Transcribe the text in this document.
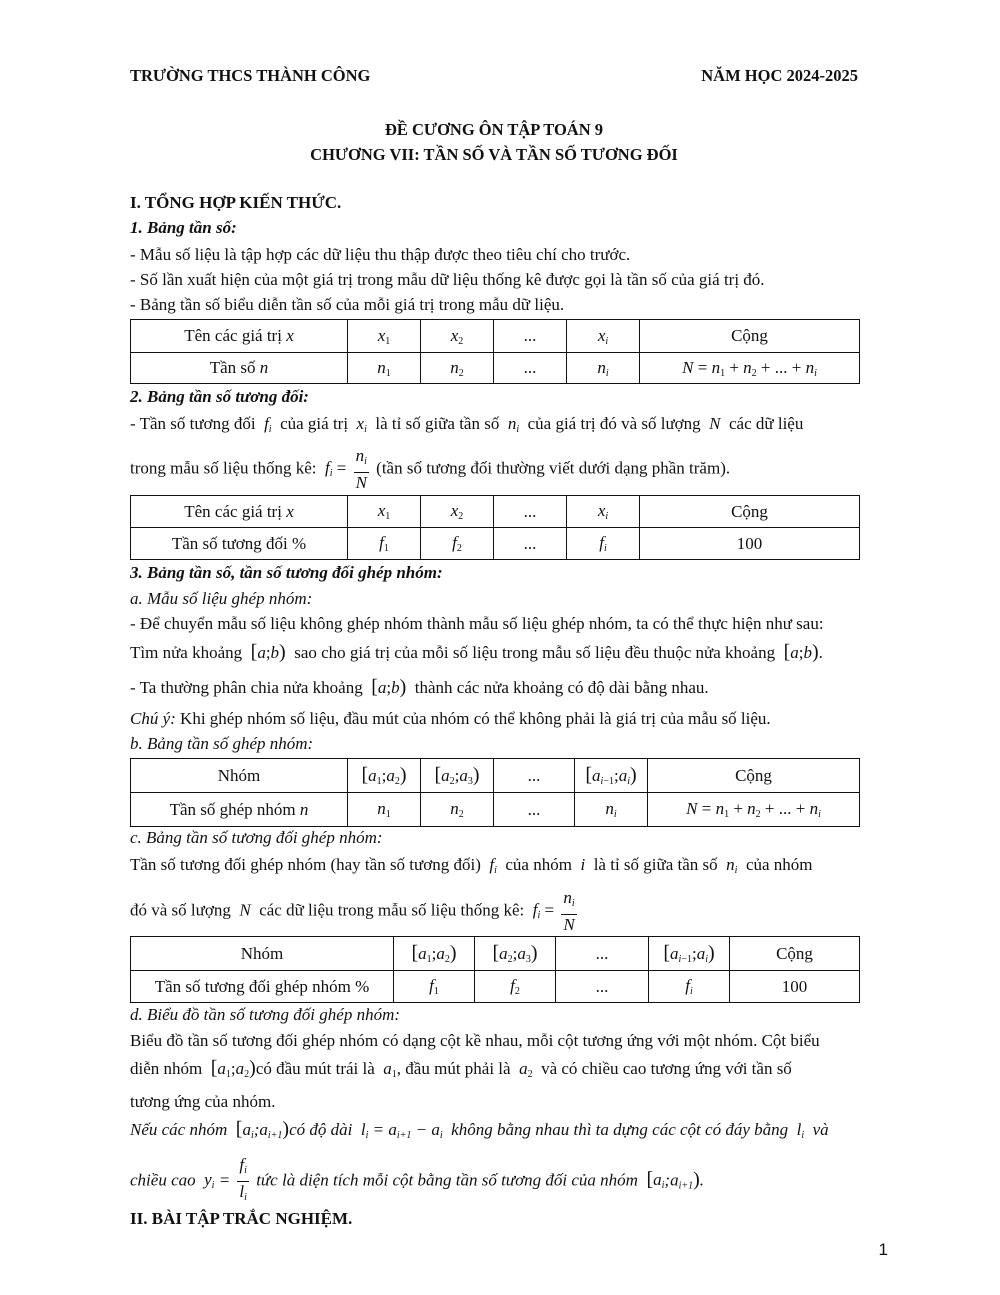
TRƯỜNG THCS THÀNH CÔNG	NĂM HỌC 2024-2025
ĐỀ CƯƠNG ÔN TẬP TOÁN 9
CHƯƠNG VII: TẦN SỐ VÀ TẦN SỐ TƯƠNG ĐỐI
I. TỔNG HỢP KIẾN THỨC.
1. Bảng tần số:
- Mẫu số liệu là tập hợp các dữ liệu thu thập được theo tiêu chí cho trước.
- Số lần xuất hiện của một giá trị trong mẫu dữ liệu thống kê được gọi là tần số của giá trị đó.
- Bảng tần số biểu diễn tần số của mỗi giá trị trong mẫu dữ liệu.
Tên các giá trị x	$x_1$	$x_2$	...	$x_i$	Cộng
Tần số n	$n_1$	$n_2$	...	$n_i$	$N = n_1 + n_2$ + ... + $n_i$
2. Bảng tần số tương đối:
- Tần số tương đối $f_i$ của giá trị $x_i$ là tỉ số giữa tần số $n_i$ của giá trị đó và số lượng N các dữ liệu
trong mẫu số liệu thống kê: $f_i = \frac{n_i}{N}$ (tần số tương đối thường viết dưới dạng phần trăm).
Tên các giá trị x	$x_1$	$x_2$	...	$x_i$	Cộng
Tần số tương đối %	$f_1$	$f_2$	...	$f_i$	100
3. Bảng tần số, tần số tương đối ghép nhóm:
a. Mẫu số liệu ghép nhóm:
- Để chuyển mẫu số liệu không ghép nhóm thành mẫu số liệu ghép nhóm, ta có thể thực hiện như sau:
Tìm nửa khoảng [a;b) sao cho giá trị của mỗi số liệu trong mẫu số liệu đều thuộc nửa khoảng [a;b).
- Ta thường phân chia nửa khoảng [a;b) thành các nửa khoảng có độ dài bằng nhau.
Chú ý: Khi ghép nhóm số liệu, đầu mút của nhóm có thể không phải là giá trị của mẫu số liệu.
b. Bảng tần số ghép nhóm:
Nhóm	$[a_1;a_2)$	$[a_2;a_3)$	...	$[a_{i-1};a_i)$	Cộng
Tần số ghép nhóm n	$n_1$	$n_2$	...	$n_i$	$N = n_1 + n_2$ + ... + $n_i$
c. Bảng tần số tương đối ghép nhóm:
Tần số tương đối ghép nhóm (hay tần số tương đối) $f_i$ của nhóm i là tỉ số giữa tần số $n_i$ của nhóm
đó và số lượng N các dữ liệu trong mẫu số liệu thống kê: $f_i = \frac{n_i}{N}$
Nhóm	$[a_1;a_2)$	$[a_2;a_3)$	...	$[a_{i-1};a_i)$	Cộng
Tần số tương đối ghép nhóm %	$f_1$	$f_2$	...	$f_i$	100
d. Biểu đồ tần số tương đối ghép nhóm:
Biểu đồ tần số tương đối ghép nhóm có dạng cột kề nhau, mỗi cột tương ứng với một nhóm. Cột biểu
diễn nhóm $[a_1;a_2)có$ đầu mút trái là $a_1$, đầu mút phải là $a_2$ và có chiều cao tương ứng với tần số
tương ứng của nhóm.
Nếu các nhóm $[a_i;a_{i+1})có$ độ dài $l_i = a_{i+1} - a_i$ không bằng nhau thì ta dựng các cột có đáy bằng $l_i$ và
chiều cao $y_i = \frac{f_i}{l_i}$ tức là diện tích mỗi cột bằng tần số tương đối của nhóm $[a_i;a_{i+1})$.
II. BÀI TẬP TRẮC NGHIỆM.
1
